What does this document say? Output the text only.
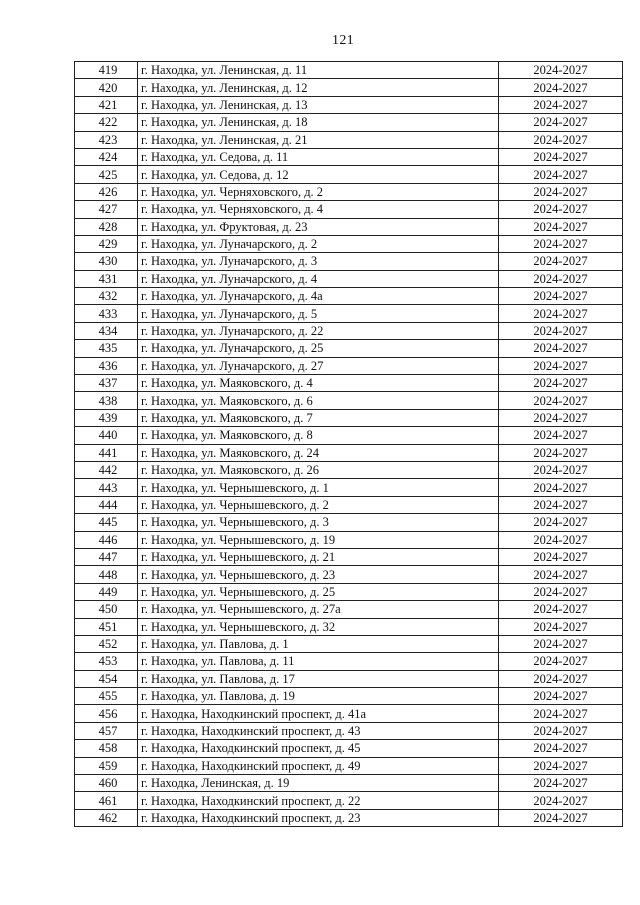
121
419	г. Находка, ул. Ленинская, д. 11	2024-2027
420	г. Находка, ул. Ленинская, д. 12	2024-2027
421	г. Находка, ул. Ленинская, д. 13	2024-2027
422	г. Находка, ул. Ленинская, д. 18	2024-2027
423	г. Находка, ул. Ленинская, д. 21	2024-2027
424	г. Находка, ул. Седова, д. 11	2024-2027
425	г. Находка, ул. Седова, д. 12	2024-2027
426	г. Находка, ул. Черняховского, д. 2	2024-2027
427	г. Находка, ул. Черняховского, д. 4	2024-2027
428	г. Находка, ул. Фруктовая, д. 23	2024-2027
429	г. Находка, ул. Луначарского, д. 2	2024-2027
430	г. Находка, ул. Луначарского, д. 3	2024-2027
431	г. Находка, ул. Луначарского, д. 4	2024-2027
432	г. Находка, ул. Луначарского, д. 4а	2024-2027
433	г. Находка, ул. Луначарского, д. 5	2024-2027
434	г. Находка, ул. Луначарского, д. 22	2024-2027
435	г. Находка, ул. Луначарского, д. 25	2024-2027
436	г. Находка, ул. Луначарского, д. 27	2024-2027
437	г. Находка, ул. Маяковского, д. 4	2024-2027
438	г. Находка, ул. Маяковского, д. 6	2024-2027
439	г. Находка, ул. Маяковского, д. 7	2024-2027
440	г. Находка, ул. Маяковского, д. 8	2024-2027
441	г. Находка, ул. Маяковского, д. 24	2024-2027
442	г. Находка, ул. Маяковского, д. 26	2024-2027
443	г. Находка, ул. Чернышевского, д. 1	2024-2027
444	г. Находка, ул. Чернышевского, д. 2	2024-2027
445	г. Находка, ул. Чернышевского, д. 3	2024-2027
446	г. Находка, ул. Чернышевского, д. 19	2024-2027
447	г. Находка, ул. Чернышевского, д. 21	2024-2027
448	г. Находка, ул. Чернышевского, д. 23	2024-2027
449	г. Находка, ул. Чернышевского, д. 25	2024-2027
450	г. Находка, ул. Чернышевского, д. 27а	2024-2027
451	г. Находка, ул. Чернышевского, д. 32	2024-2027
452	г. Находка, ул. Павлова, д. 1	2024-2027
453	г. Находка, ул. Павлова, д. 11	2024-2027
454	г. Находка, ул. Павлова, д. 17	2024-2027
455	г. Находка, ул. Павлова, д. 19	2024-2027
456	г. Находка, Находкинский проспект, д. 41а	2024-2027
457	г. Находка, Находкинский проспект, д. 43	2024-2027
458	г. Находка, Находкинский проспект, д. 45	2024-2027
459	г. Находка, Находкинский проспект, д. 49	2024-2027
460	г. Находка, Ленинская, д. 19	2024-2027
461	г. Находка, Находкинский проспект, д. 22	2024-2027
462	г. Находка, Находкинский проспект, д. 23	2024-2027
